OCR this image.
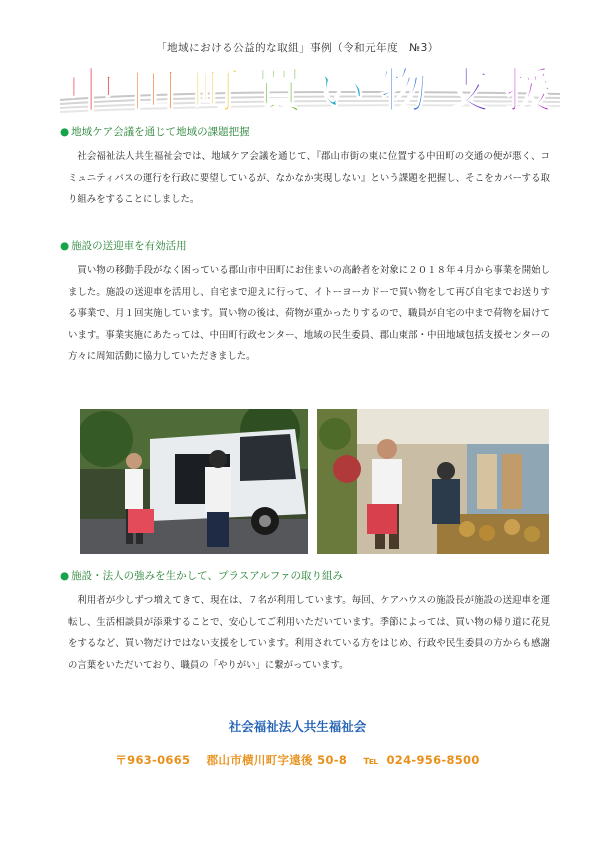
「地域における公益的な取組」事例（令和元年度　№3）
中 田 町 買 い 物 支 援
● 地域ケア会議を通じて地域の課題把握

社会福祉法人共生福祉会では、地域ケア会議を通じて、『郡山市街の東に位置する中田町の交通の便が悪く、コミュニティバスの運行を行政に要望しているが、なかなか実現しない』という課題を把握し、そこをカバーする取り組みをすることにしました。

● 施設の送迎車を有効活用

買い物の移動手段がなく困っている郡山市中田町にお住まいの高齢者を対象に２０１８年４月から事業を開始しました。施設の送迎車を活用し、自宅まで迎えに行って、イトーヨーカドーで買い物をして再び自宅までお送りする事業で、月１回実施しています。買い物の後は、荷物が重かったりするので、職員が自宅の中まで荷物を届けています。事業実施にあたっては、中田町行政センター、地域の民生委員、郡山東部・中田地域包括支援センターの方々に周知活動に協力していただきました。

● 施設・法人の強みを生かして、プラスアルファの取り組み

利用者が少しずつ増えてきて、現在は、７名が利用しています。毎回、ケアハウスの施設長が施設の送迎車を運転し、生活相談員が添乗することで、安心してご利用いただいています。季節によっては、買い物の帰り道に花見をするなど、買い物だけではない支援をしています。利用されている方をはじめ、行政や民生委員の方からも感謝の言葉をいただいており、職員の「やりがい」に繋がっています。

社会福祉法人共生福祉会
〒963-0665 郡山市横川町字遠後 50-8 ℡ 024-956-8500
